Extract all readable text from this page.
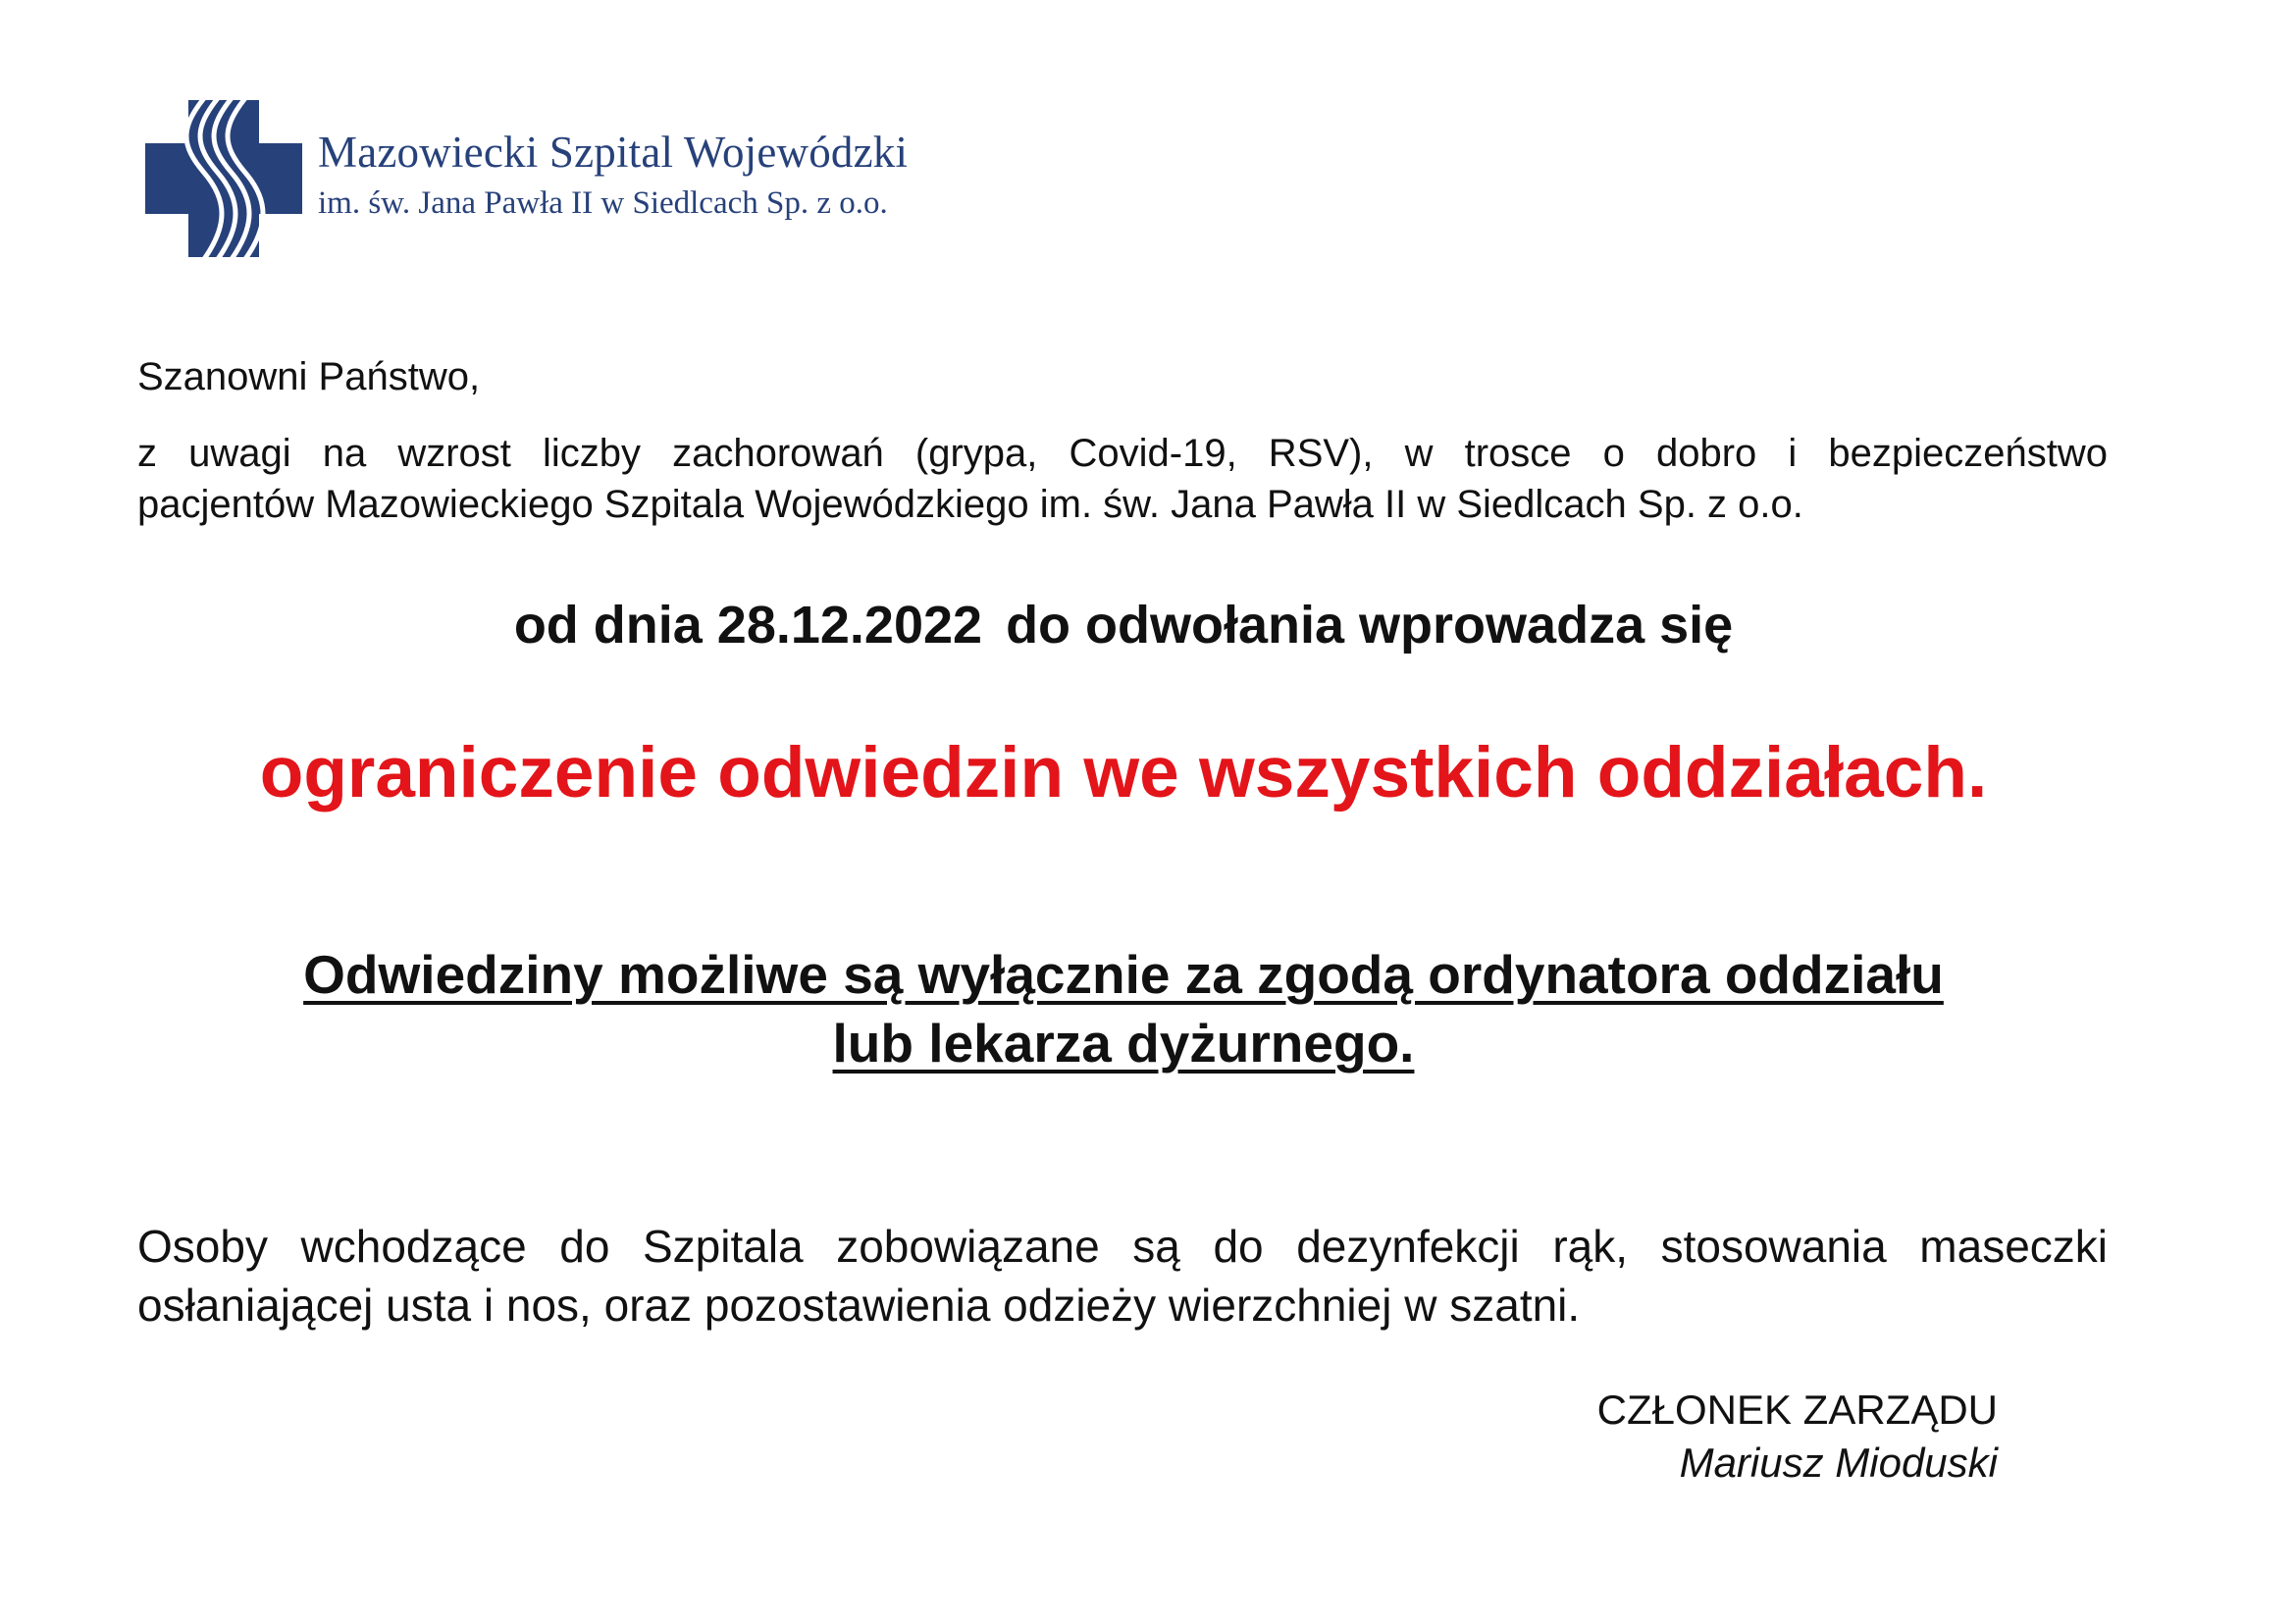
Mazowiecki Szpital Wojewódzki
im. św. Jana Pawła II w Siedlcach Sp. z o.o.
Szanowni Państwo,
z uwagi na wzrost liczby zachorowań (grypa, Covid-19, RSV), w trosce o dobro i bezpieczeństwo
pacjentów Mazowieckiego Szpitala Wojewódzkiego im. św. Jana Pawła II w Siedlcach Sp. z o.o.
od dnia 28.12.2022 do odwołania wprowadza się
ograniczenie odwiedzin we wszystkich oddziałach.
Odwiedziny możliwe są wyłącznie za zgodą ordynatora oddziału
lub lekarza dyżurnego.
Osoby wchodzące do Szpitala zobowiązane są do dezynfekcji rąk, stosowania maseczki
osłaniającej usta i nos, oraz pozostawienia odzieży wierzchniej w szatni.
CZŁONEK ZARZĄDU
Mariusz Mioduski
